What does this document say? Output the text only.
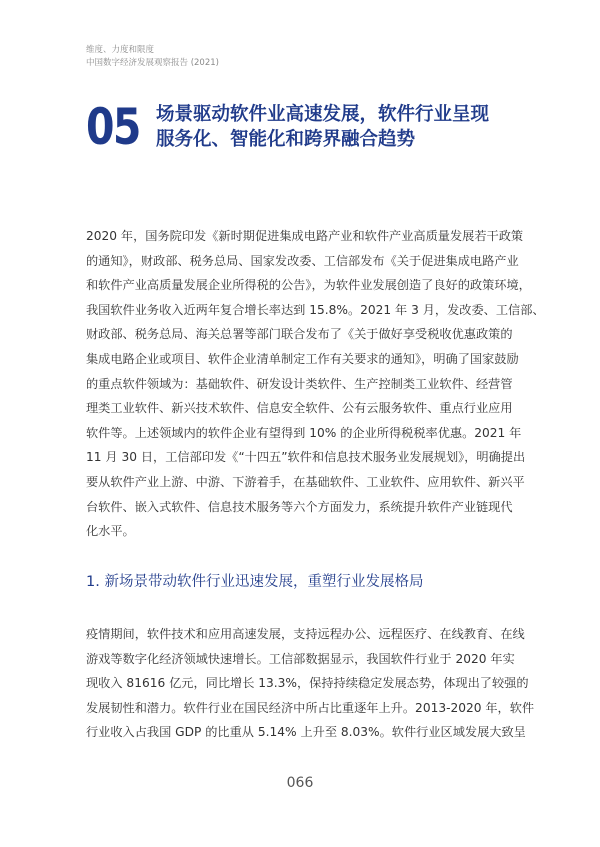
维度、力度和限度
中国数字经济发展观察报告 (2021)
05 场景驱动软件业高速发展，软件行业呈现
服务化、智能化和跨界融合趋势
2020 年，国务院印发《新时期促进集成电路产业和软件产业高质量发展若干政策
的通知》，财政部、税务总局、国家发改委、工信部发布《关于促进集成电路产业
和软件产业高质量发展企业所得税的公告》，为软件业发展创造了良好的政策环境，
我国软件业务收入近两年复合增长率达到 15.8%。2021 年 3 月，发改委、工信部、
财政部、税务总局、海关总署等部门联合发布了《关于做好享受税收优惠政策的
集成电路企业或项目、软件企业清单制定工作有关要求的通知》，明确了国家鼓励
的重点软件领域为：基础软件、研发设计类软件、生产控制类工业软件、经营管
理类工业软件、新兴技术软件、信息安全软件、公有云服务软件、重点行业应用
软件等。上述领域内的软件企业有望得到 10% 的企业所得税税率优惠。2021 年
11 月 30 日，工信部印发《“十四五”软件和信息技术服务业发展规划》，明确提出
要从软件产业上游、中游、下游着手，在基础软件、工业软件、应用软件、新兴平
台软件、嵌入式软件、信息技术服务等六个方面发力，系统提升软件产业链现代
化水平。
1. 新场景带动软件行业迅速发展，重塑行业发展格局
疫情期间，软件技术和应用高速发展，支持远程办公、远程医疗、在线教育、在线
游戏等数字化经济领域快速增长。工信部数据显示，我国软件行业于 2020 年实
现收入 81616 亿元，同比增长 13.3%，保持持续稳定发展态势，体现出了较强的
发展韧性和潜力。软件行业在国民经济中所占比重逐年上升。2013-2020 年，软件
行业收入占我国 GDP 的比重从 5.14% 上升至 8.03%。软件行业区域发展大致呈
066
